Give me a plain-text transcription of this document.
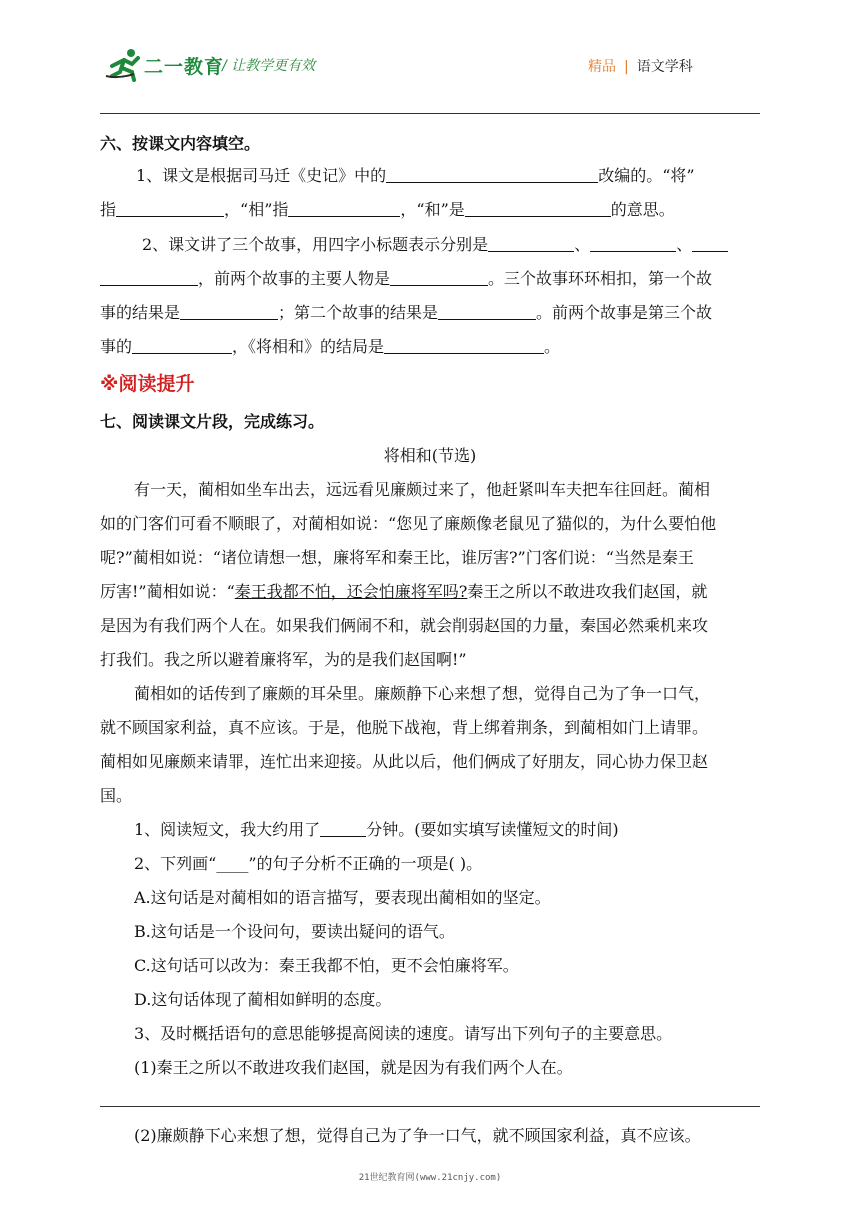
二一教育
/ 让教学更有效	精品 | 语文学科
六、按课文内容填空。
1、课文是根据司马迁《史记》中的	改编的。“将”
指	，“相”指	，“和”是	的意思。
2、课文讲了三个故事，用四字小标题表示分别是	、	、
，前两个故事的主要人物是	。三个故事环环相扣，第一个故
事的结果是	；第二个故事的结果是	。前两个故事是第三个故
事的	，《将相和》的结局是	。
※阅读提升
七、阅读课文片段，完成练习。
将相和(节选)
有一天，蔺相如坐车出去，远远看见廉颇过来了，他赶紧叫车夫把车往回赶。蔺相
如的门客们可看不顺眼了，对蔺相如说：“您见了廉颇像老鼠见了猫似的，为什么要怕他
呢?”蔺相如说：“诸位请想一想，廉将军和秦王比，谁厉害?”门客们说：“当然是秦王
厉害!”蔺相如说：“秦王我都不怕，还会怕廉将军吗?秦王之所以不敢进攻我们赵国，就
是因为有我们两个人在。如果我们俩闹不和，就会削弱赵国的力量，秦国必然乘机来攻
打我们。我之所以避着廉将军，为的是我们赵国啊!”
蔺相如的话传到了廉颇的耳朵里。廉颇静下心来想了想，觉得自己为了争一口气，
就不顾国家利益，真不应该。于是，他脱下战袍，背上绑着荆条，到蔺相如门上请罪。
蔺相如见廉颇来请罪，连忙出来迎接。从此以后，他们俩成了好朋友，同心协力保卫赵
国。
1、阅读短文，我大约用了	分钟。(要如实填写读懂短文的时间)
2、下列画“____”的句子分析不正确的一项是( )。
A.这句话是对蔺相如的语言描写，要表现出蔺相如的坚定。
B.这句话是一个设问句，要读出疑问的语气。
C.这句话可以改为：秦王我都不怕，更不会怕廉将军。
D.这句话体现了蔺相如鲜明的态度。
3、及时概括语句的意思能够提高阅读的速度。请写出下列句子的主要意思。
(1)秦王之所以不敢进攻我们赵国，就是因为有我们两个人在。
(2)廉颇静下心来想了想，觉得自己为了争一口气，就不顾国家利益，真不应该。
21世纪教育网(www.21cnjy.com)
